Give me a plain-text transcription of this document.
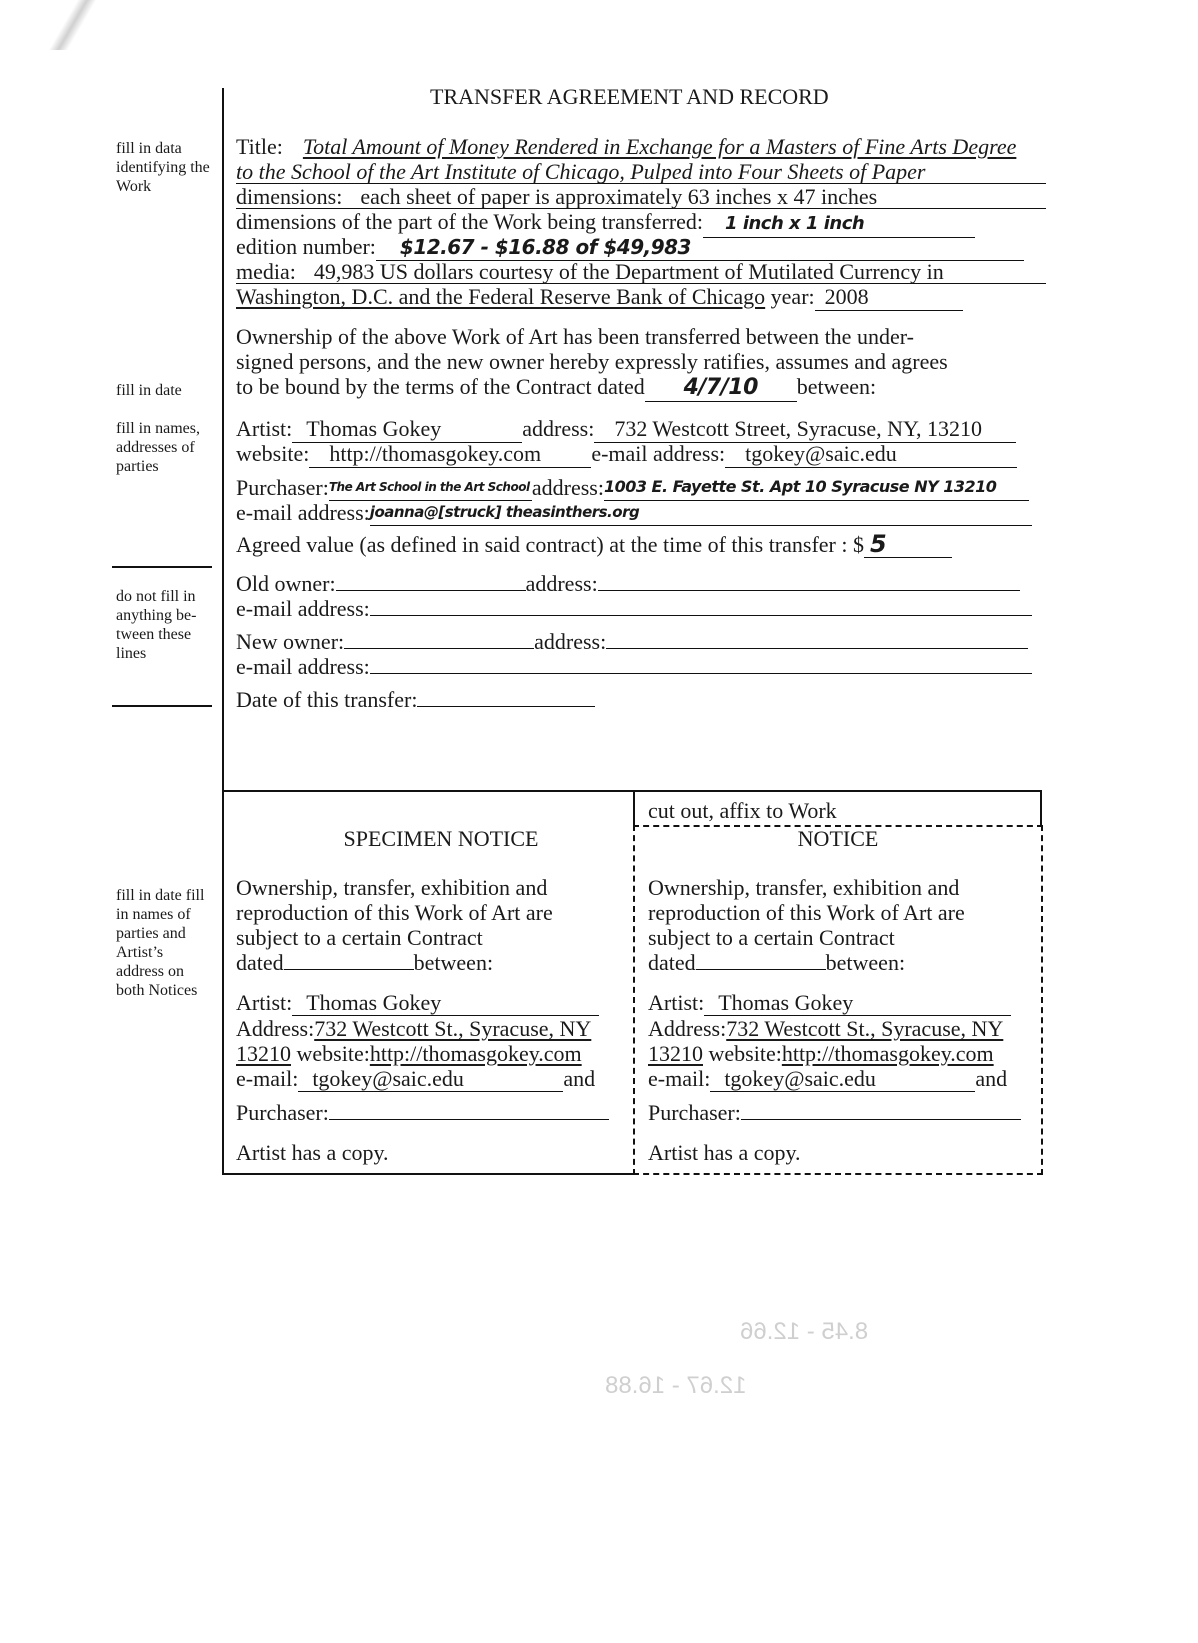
TRANSFER AGREEMENT AND RECORD
fill in data identifying the Work
fill in date
fill in names, addresses of parties
do not fill in anything be- tween these lines
fill in date fill in names of parties and Artist’s address on both Notices
Title: Total Amount of Money Rendered in Exchange for a Masters of Fine Arts Degree
to the School of the Art Institute of Chicago, Pulped into Four Sheets of Paper
dimensions: each sheet of paper is approximately 63 inches x 47 inches
dimensions of the part of the Work being transferred: 1 inch x 1 inch
edition number: $12.67 - $16.88 of $49,983
media: 49,983 US dollars courtesy of the Department of Mutilated Currency in
Washington, D.C. and the Federal Reserve Bank of Chicago year: 2008
Ownership of the above Work of Art has been transferred between the under-
signed persons, and the new owner hereby expressly ratifies, assumes and agrees
to be bound by the terms of the Contract dated 4/7/10 between:
Artist: Thomas Gokey	address: 732 Westcott Street, Syracuse, NY, 13210
website: http://thomasgokey.com e-mail address: tgokey@saic.edu
Purchaser:The Art School in the Art School address:1003 E. Fayette St. Apt 10 Syracuse NY 13210
e-mail address:joanna@[struck] theasinthers.org
Agreed value (as defined in said contract) at the time of this transfer : $ 5
Old owner:	address:
e-mail address:
New owner:	address:
e-mail address:
Date of this transfer:
cut out, affix to Work
SPECIMEN NOTICE
Ownership, transfer, exhibition and
reproduction of this Work of Art are
subject to a certain Contract
dated	between:
Artist: Thomas Gokey
Address:732 Westcott St., Syracuse, NY
13210 website:http://thomasgokey.com
e-mail: tgokey@saic.edu	and
Purchaser:
Artist has a copy.
NOTICE
Ownership, transfer, exhibition and
reproduction of this Work of Art are
subject to a certain Contract
dated	between:
Artist: Thomas Gokey
Address:732 Westcott St., Syracuse, NY
13210 website:http://thomasgokey.com
e-mail: tgokey@saic.edu	and
Purchaser:
Artist has a copy.
8.45 - 12.66
12.67 - 16.88
